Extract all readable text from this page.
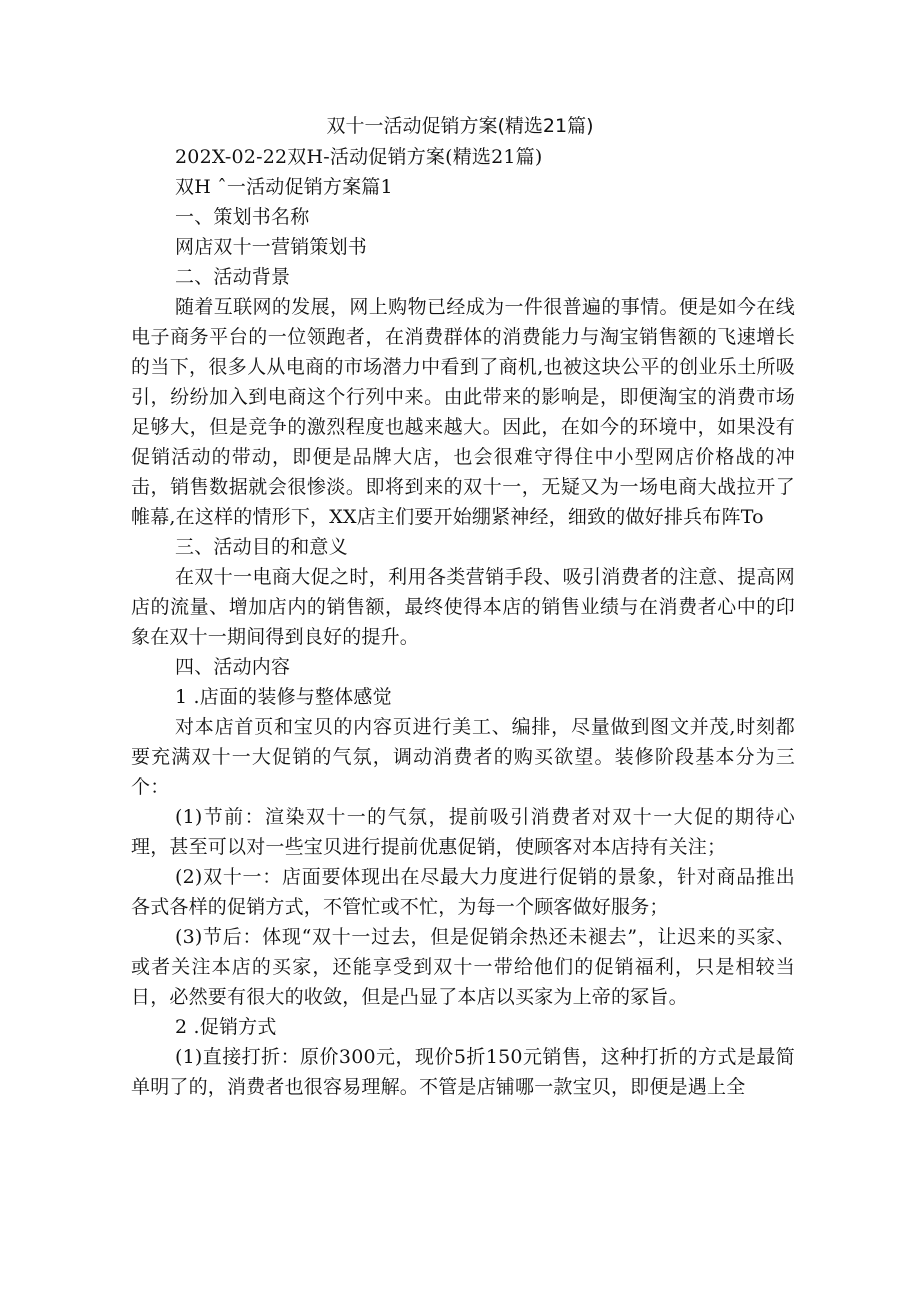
双十一活动促销方案(精选21篇)

202X-02-22双H-活动促销方案(精选21篇)

双H ˆ一活动促销方案篇1

一、策划书名称

网店双十一营销策划书

二、活动背景

随着互联网的发展，网上购物已经成为一件很普遍的事情。便是如今在线电子商务平台的一位领跑者，在消费群体的消费能力与淘宝销售额的飞速增长的当下，很多人从电商的市场潜力中看到了商机,也被这块公平的创业乐土所吸引，纷纷加入到电商这个行列中来。由此带来的影响是，即便淘宝的消费市场足够大，但是竞争的激烈程度也越来越大。因此，在如今的环境中，如果没有促销活动的带动，即便是品牌大店，也会很难守得住中小型网店价格战的冲击，销售数据就会很惨淡。即将到来的双十一，无疑又为一场电商大战拉开了帷幕,在这样的情形下，XX店主们要开始绷紧神经，细致的做好排兵布阵To

三、活动目的和意义

在双十一电商大促之时，利用各类营销手段、吸引消费者的注意、提高网店的流量、增加店内的销售额，最终使得本店的销售业绩与在消费者心中的印象在双十一期间得到良好的提升。

四、活动内容

1 .店面的装修与整体感觉

对本店首页和宝贝的内容页进行美工、编排，尽量做到图文并茂,时刻都要充满双十一大促销的气氛，调动消费者的购买欲望。装修阶段基本分为三个：

(1)节前：渲染双十一的气氛，提前吸引消费者对双十一大促的期待心理，甚至可以对一些宝贝进行提前优惠促销，使顾客对本店持有关注；

(2)双十一：店面要体现出在尽最大力度进行促销的景象，针对商品推出各式各样的促销方式，不管忙或不忙，为每一个顾客做好服务；

(3)节后：体现“双十一过去，但是促销余热还未褪去”，让迟来的买家、或者关注本店的买家，还能享受到双十一带给他们的促销福利，只是相较当日，必然要有很大的收敛，但是凸显了本店以买家为上帝的冢旨。

2 .促销方式

(1)直接打折：原价300元，现价5折150元销售，这种打折的方式是最简单明了的，消费者也很容易理解。不管是店铺哪一款宝贝，即便是遇上全
